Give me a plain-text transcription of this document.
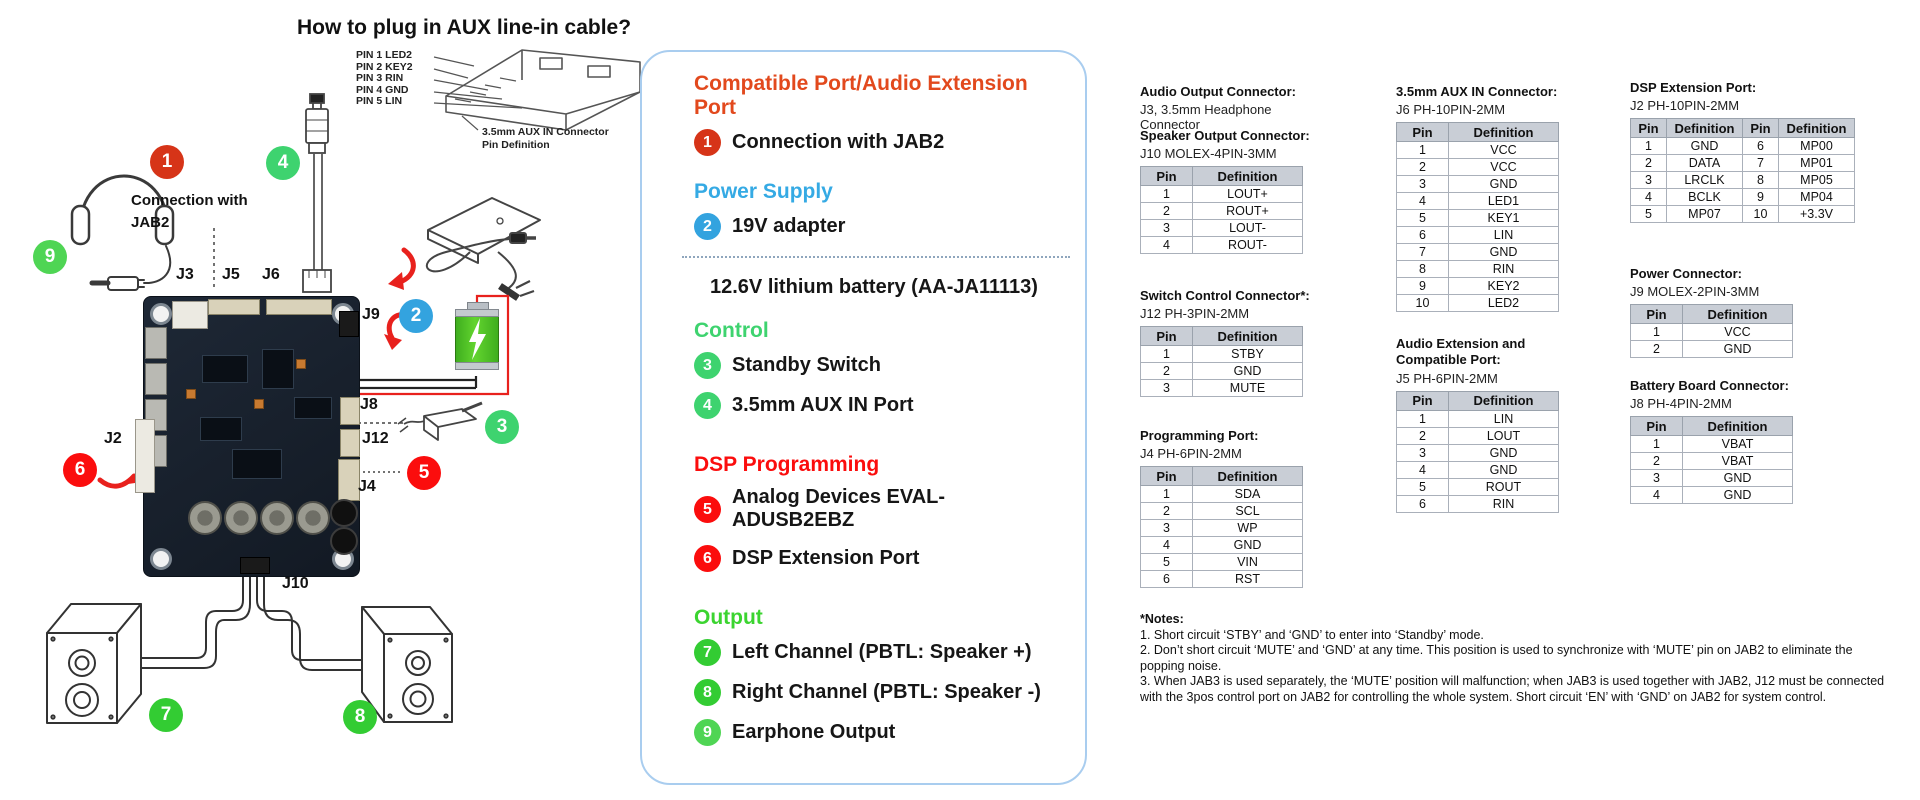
How to plug in AUX line-in cable?
PIN 1 LED2
PIN 2 KEY2
PIN 3 RIN
PIN 4 GND
PIN 5 LIN
3.5mm AUX IN Connector
Pin Definition
Connection with JAB2
J3 J5 J6
J9
J8
J12
J4
J2
J10
1
2
3
4
5
6
7	8
9
Compatible Port/Audio Extension Port
1	Connection with JAB2
Power Supply
2	19V adapter
12.6V lithium battery (AA-JA11113)
Control
3	Standby Switch
4	3.5mm AUX IN Port
DSP Programming
5
Analog Devices EVAL-ADUSB2EBZ
6	DSP Extension Port
Output
7	Left Channel (PBTL: Speaker +)
8	Right Channel (PBTL: Speaker -)
9	Earphone Output
Audio Output Connector:
J3, 3.5mm Headphone Connector
Speaker Output Connector:
J10 MOLEX-4PIN-3MM
Pin	Definition
1	LOUT+
2	ROUT+
3	LOUT-
4	ROUT-
Switch Control Connector*:
J12 PH-3PIN-2MM
Pin	Definition
1	STBY
2	GND
3	MUTE
Programming Port:
J4 PH-6PIN-2MM
Pin	Definition
1	SDA
2	SCL
3	WP
4	GND
5	VIN
6	RST
3.5mm AUX IN Connector:
J6 PH-10PIN-2MM
Pin	Definition
1	VCC
2	VCC
3	GND
4	LED1
5	KEY1
6	LIN
7	GND
8	RIN
9	KEY2
10	LED2
Audio Extension and Compatible Port:
J5 PH-6PIN-2MM
Pin	Definition
1	LIN
2	LOUT
3	GND
4	GND
5	ROUT
6	RIN
DSP Extension Port:
J2 PH-10PIN-2MM
Pin	Definition	Pin	Definition
1	GND	6	MP00
2	DATA	7	MP01
3	LRCLK	8	MP05
4	BCLK	9	MP04
5	MP07	10	+3.3V
Power Connector:
J9 MOLEX-2PIN-3MM
Pin	Definition
1	VCC
2	GND
Battery Board Connector:
J8 PH-4PIN-2MM
Pin	Definition
1	VBAT
2	VBAT
3	GND
4	GND
*Notes:
1. Short circuit ‘STBY’ and ‘GND’ to enter into ‘Standby’ mode.
2. Don’t short circuit ‘MUTE’ and ‘GND’ at any time. This position is used to synchronize with ‘MUTE’ pin on JAB2 to eliminate the popping noise.
3. When JAB3 is used separately, the ‘MUTE’ position will malfunction; when JAB3 is used together with JAB2, J12 must be connected with the 3pos control port on JAB2 for controlling the whole system. Short circuit ‘EN’ with ‘GND’ on JAB2 for system control.
